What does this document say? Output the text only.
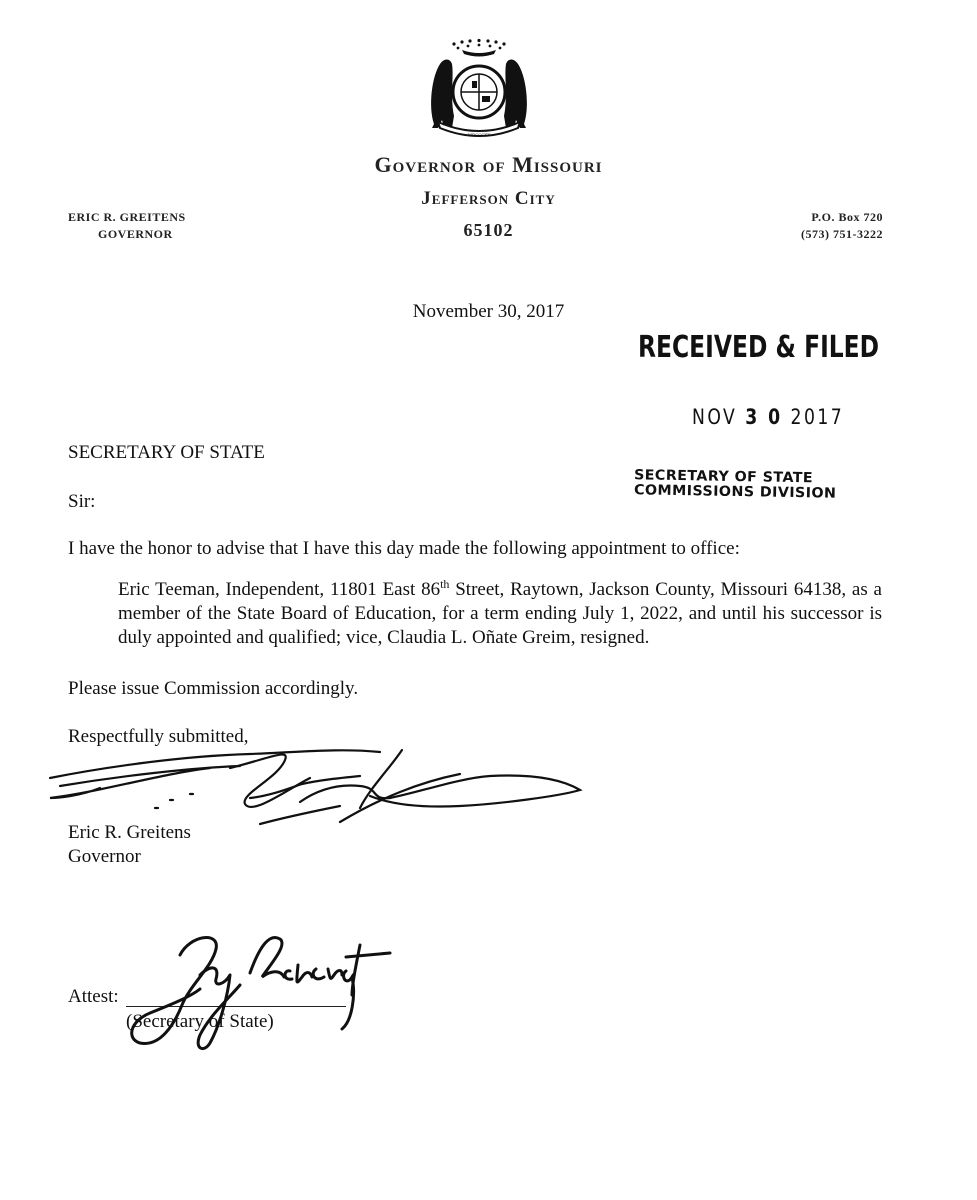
MDCCCXX
Governor of Missouri
Jefferson City
65102
ERIC R. GREITENS
GOVERNOR
P.O. Box 720
(573) 751-3222
November 30, 2017
RECEIVED & FILED
NOV 3 0 2017
SECRETARY OF STATE
COMMISSIONS DIVISION
SECRETARY OF STATE
Sir:
I have the honor to advise that I have this day made the following appointment to office:
Eric Teeman, Independent, 11801 East 86th Street, Raytown, Jackson County, Missouri 64138, as a member of the State Board of Education, for a term ending July 1, 2022, and until his successor is duly appointed and qualified; vice, Claudia L. Oñate Greim, resigned.
Please issue Commission accordingly.
Respectfully submitted,
Eric R. Greitens
Governor
Attest:
(Secretary of State)
